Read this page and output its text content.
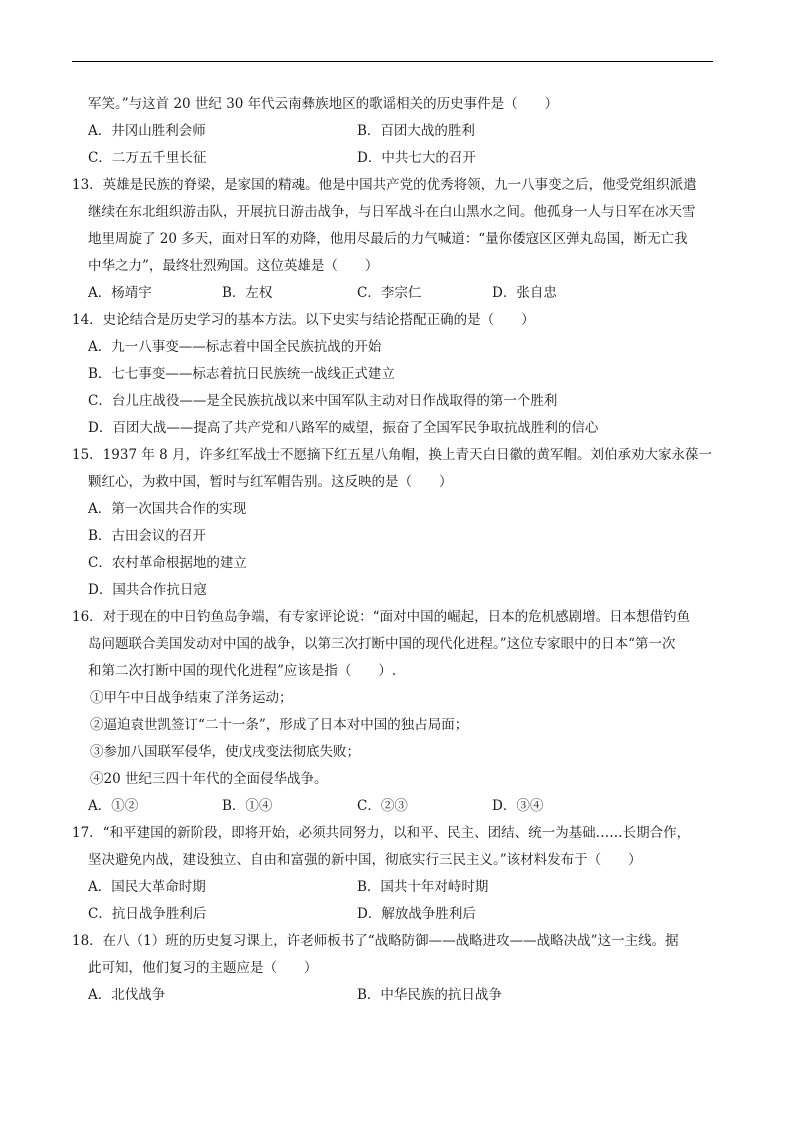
军笑。”与这首 20 世纪 30 年代云南彝族地区的歌谣相关的历史事件是（　　）
A．井冈山胜利会师	B．百团大战的胜利
C．二万五千里长征	D．中共七大的召开
13．英雄是民族的脊梁，是家国的精魂。他是中国共产党的优秀将领，九一八事变之后，他受党组织派遣
继续在东北组织游击队，开展抗日游击战争，与日军战斗在白山黑水之间。他孤身一人与日军在冰天雪
地里周旋了 20 多天，面对日军的劝降，他用尽最后的力气喊道：“量你倭寇区区弹丸岛国，断无亡我
中华之力”，最终壮烈殉国。这位英雄是（　　）
A．杨靖宇	B．左权	C．李宗仁	D．张自忠
14．史论结合是历史学习的基本方法。以下史实与结论搭配正确的是（　　）
A．九一八事变——标志着中国全民族抗战的开始
B．七七事变——标志着抗日民族统一战线正式建立
C．台儿庄战役——是全民族抗战以来中国军队主动对日作战取得的第一个胜利
D．百团大战——提高了共产党和八路军的威望，振奋了全国军民争取抗战胜利的信心
15．1937 年 8 月，许多红军战士不愿摘下红五星八角帽，换上青天白日徽的黄军帽。刘伯承劝大家永葆一
颗红心，为救中国，暂时与红军帽告别。这反映的是（　　）
A．第一次国共合作的实现
B．古田会议的召开
C．农村革命根据地的建立
D．国共合作抗日寇
16．对于现在的中日钓鱼岛争端，有专家评论说：“面对中国的崛起，日本的危机感剧增。日本想借钓鱼
岛问题联合美国发动对中国的战争，以第三次打断中国的现代化进程。”这位专家眼中的日本“第一次
和第二次打断中国的现代化进程”应该是指（　　）.
①甲午中日战争结束了洋务运动；
②逼迫袁世凯签订“二十一条”，形成了日本对中国的独占局面；
③参加八国联军侵华，使戊戌变法彻底失败；
④20 世纪三四十年代的全面侵华战争。
A．①②	B．①④	C．②③	D．③④
17．“和平建国的新阶段，即将开始，必须共同努力，以和平、民主、团结、统一为基础……长期合作，
坚决避免内战，建设独立、自由和富强的新中国，彻底实行三民主义。”该材料发布于（　　）
A．国民大革命时期	B．国共十年对峙时期
C．抗日战争胜利后	D．解放战争胜利后
18．在八（1）班的历史复习课上，许老师板书了“战略防御——战略进攻——战略决战”这一主线。据
此可知，他们复习的主题应是（　　）
A．北伐战争	B．中华民族的抗日战争
